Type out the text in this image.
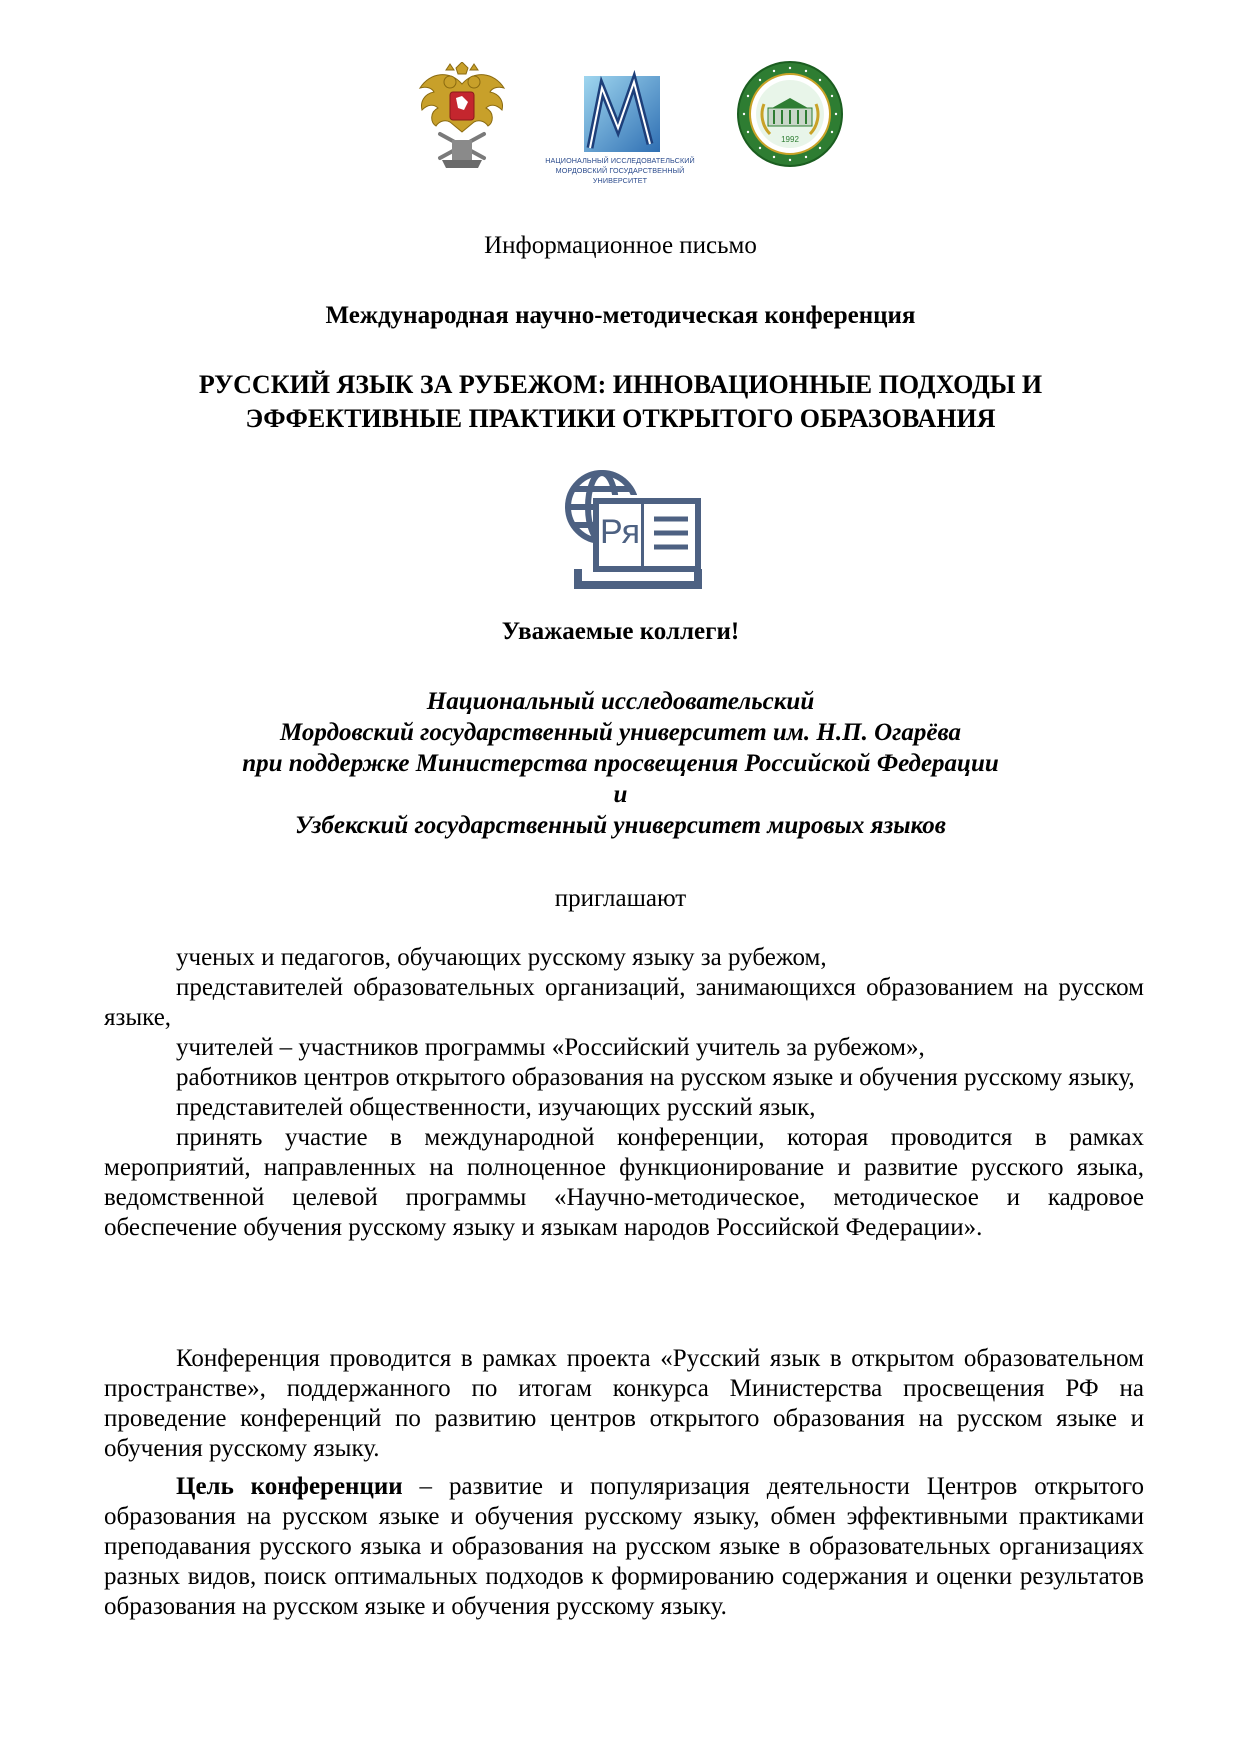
НАЦИОНАЛЬНЫЙ ИССЛЕДОВАТЕЛЬСКИЙ
МОРДОВСКИЙ ГОСУДАРСТВЕННЫЙ УНИВЕРСИТЕТ
1992
Информационное письмо
Международная научно-методическая конференция
РУССКИЙ ЯЗЫК ЗА РУБЕЖОМ: ИННОВАЦИОННЫЕ ПОДХОДЫ И
ЭФФЕКТИВНЫЕ ПРАКТИКИ ОТКРЫТОГО ОБРАЗОВАНИЯ
Ря
Уважаемые коллеги!
Национальный исследовательский
Мордовский государственный университет им. Н.П. Огарёва
при поддержке Министерства просвещения Российской Федерации
и
Узбекский государственный университет мировых языков
приглашают

ученых и педагогов, обучающих русскому языку за рубежом,

представителей образовательных организаций, занимающихся образованием на русском языке,

учителей – участников программы «Российский учитель за рубежом»,

работников центров открытого образования на русском языке и обучения русскому языку,

представителей общественности, изучающих русский язык,

принять участие в международной конференции, которая проводится в рамках мероприятий, направленных на полноценное функционирование и развитие русского языка, ведомственной целевой программы «Научно-методическое, методическое и кадровое обеспечение обучения русскому языку и языкам народов Российской Федерации».

Конференция проводится в рамках проекта «Русский язык в открытом образовательном пространстве», поддержанного по итогам конкурса Министерства просвещения РФ на проведение конференций по развитию центров открытого образования на русском языке и обучения русскому языку.

Цель конференции – развитие и популяризация деятельности Центров открытого образования на русском языке и обучения русскому языку, обмен эффективными практиками преподавания русского языка и образования на русском языке в образовательных организациях разных видов, поиск оптимальных подходов к формированию содержания и оценки результатов образования на русском языке и обучения русскому языку.
